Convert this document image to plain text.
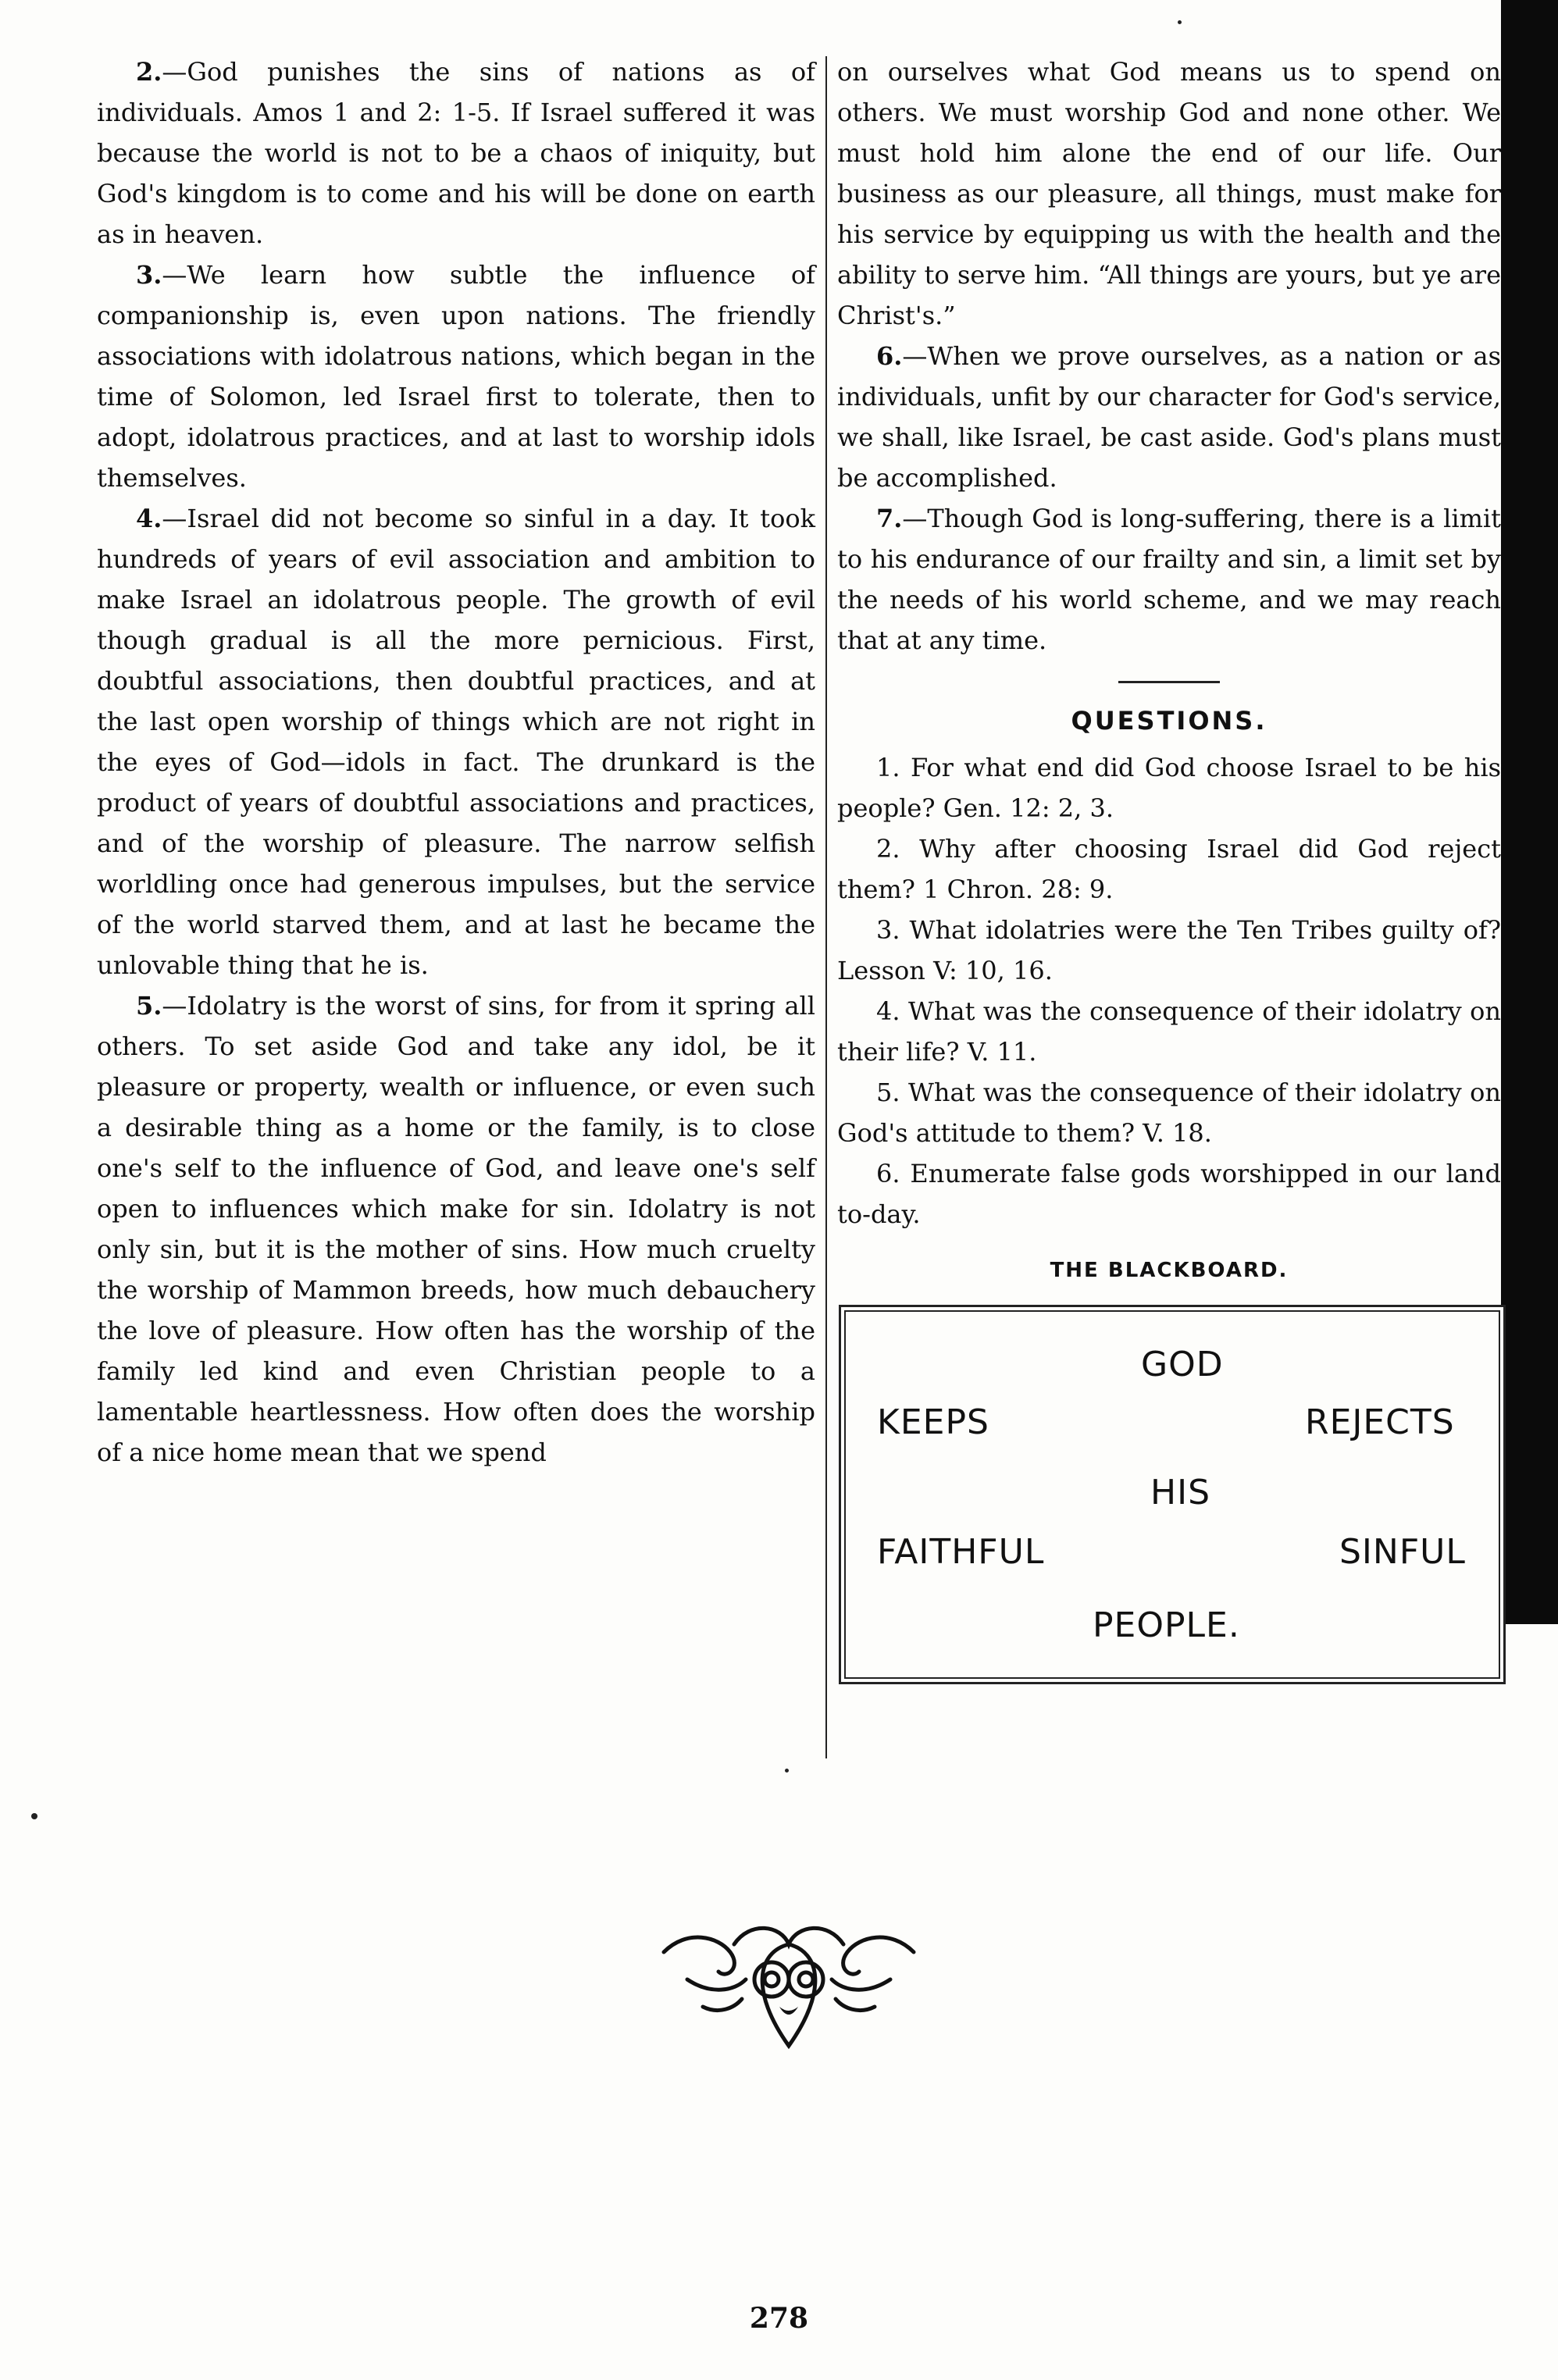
2.—God punishes the sins of nations as of individuals. Amos 1 and 2: 1-5. If Israel suffered it was because the world is not to be a chaos of iniquity, but God's kingdom is to come and his will be done on earth as in heaven.

3.—We learn how subtle the influence of companionship is, even upon nations. The friendly associations with idolatrous nations, which began in the time of Solomon, led Israel first to tolerate, then to adopt, idolatrous practices, and at last to worship idols themselves.

4.—Israel did not become so sinful in a day. It took hundreds of years of evil association and ambition to make Israel an idolatrous people. The growth of evil though gradual is all the more pernicious. First, doubtful associations, then doubtful practices, and at the last open worship of things which are not right in the eyes of God—idols in fact. The drunkard is the product of years of doubtful associations and practices, and of the worship of pleasure. The narrow selfish worldling once had generous impulses, but the service of the world starved them, and at last he became the unlovable thing that he is.

5.—Idolatry is the worst of sins, for from it spring all others. To set aside God and take any idol, be it pleasure or property, wealth or influence, or even such a desirable thing as a home or the family, is to close one's self to the influence of God, and leave one's self open to influences which make for sin. Idolatry is not only sin, but it is the mother of sins. How much cruelty the worship of Mammon breeds, how much debauchery the love of pleasure. How often has the worship of the family led kind and even Christian people to a lamentable heartlessness. How often does the worship of a nice home mean that we spend

on ourselves what God means us to spend on others. We must worship God and none other. We must hold him alone the end of our life. Our business as our pleasure, all things, must make for his service by equipping us with the health and the ability to serve him. “All things are yours, but ye are Christ's.”

6.—When we prove ourselves, as a nation or as individuals, unfit by our character for God's service, we shall, like Israel, be cast aside. God's plans must be accomplished.

7.—Though God is long-suffering, there is a limit to his endurance of our frailty and sin, a limit set by the needs of his world scheme, and we may reach that at any time.

QUESTIONS.
1. For what end did God choose Israel to be his people? Gen. 12: 2, 3.
2. Why after choosing Israel did God reject them? 1 Chron. 28: 9.
3. What idolatries were the Ten Tribes guilty of? Lesson V: 10, 16.
4. What was the consequence of their idolatry on their life? V. 11.
5. What was the consequence of their idolatry on God's attitude to them? V. 18.
6. Enumerate false gods worshipped in our land to-day.
THE BLACKBOARD.
GOD
KEEPS	REJECTS
HIS
FAITHFUL	SINFUL
PEOPLE.
278
